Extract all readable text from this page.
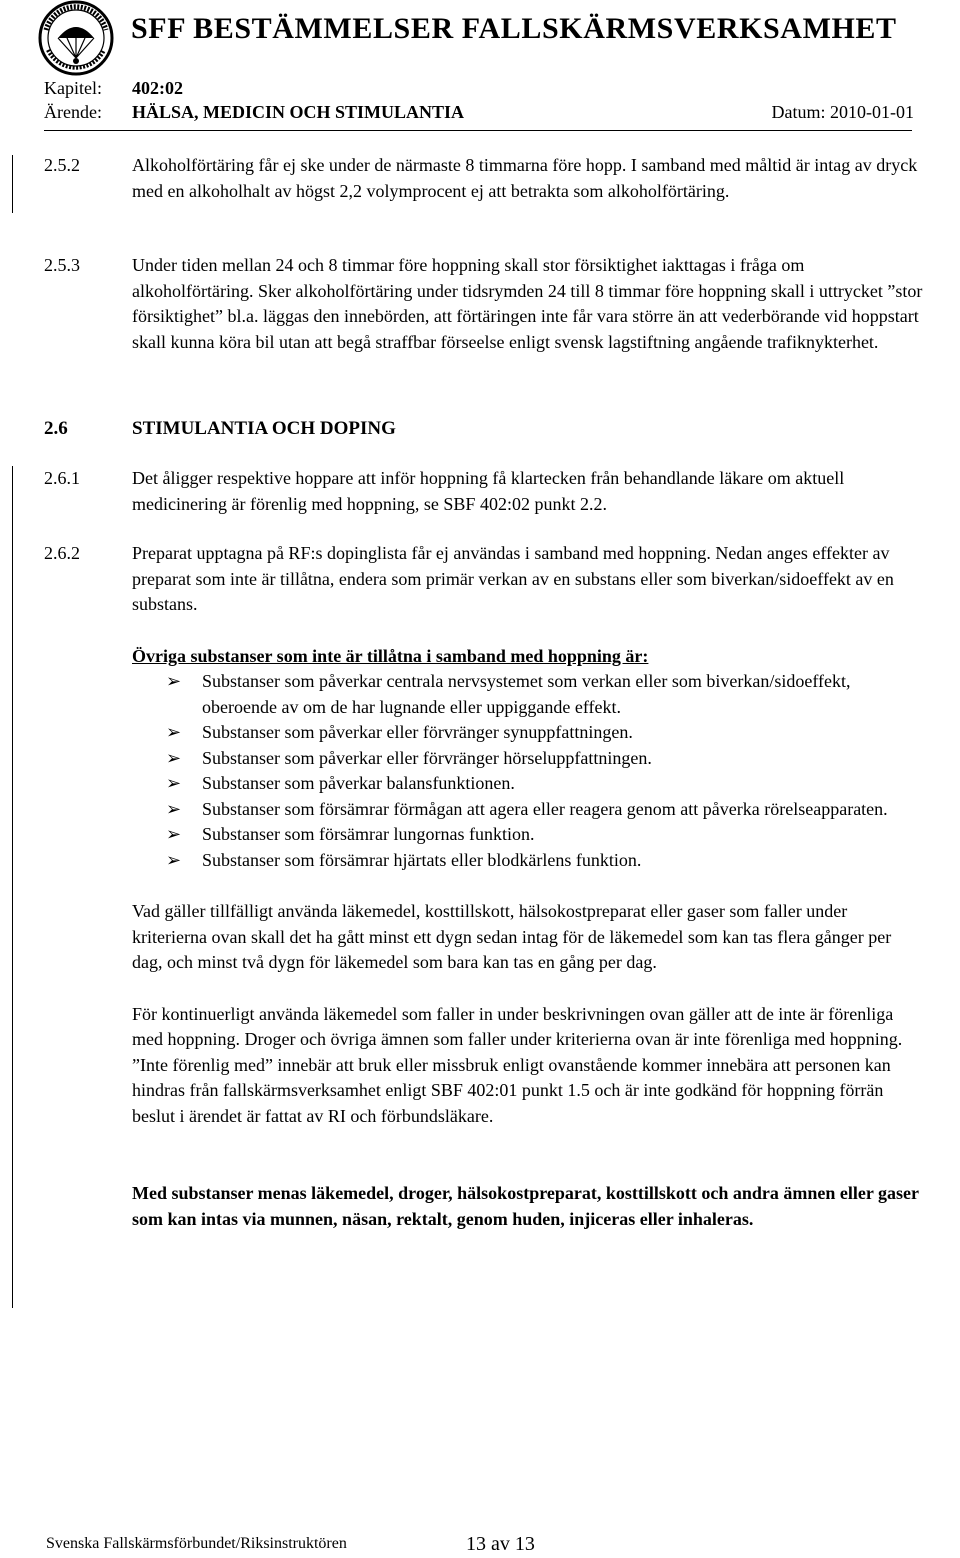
SFF BESTÄMMELSER FALLSKÄRMSVERKSAMHET
Kapitel: 402:02
Ärende: HÄLSA, MEDICIN OCH STIMULANTIA	Datum: 2010-01-01
2.5.2	Alkoholförtäring får ej ske under de närmaste 8 timmarna före hopp. I samband med måltid är intag av dryck med en alkoholhalt av högst 2,2 volymprocent ej att betrakta som alkoholförtäring.
2.5.3	Under tiden mellan 24 och 8 timmar före hoppning skall stor försiktighet iakttagas i fråga om alkoholförtäring. Sker alkoholförtäring under tidsrymden 24 till 8 timmar före hoppning skall i uttrycket ”stor försiktighet” bl.a. läggas den innebörden, att förtäringen inte får vara större än att vederbörande vid hoppstart skall kunna köra bil utan att begå straffbar förseelse enligt svensk lagstiftning angående trafiknykterhet.
2.6	STIMULANTIA OCH DOPING
2.6.1	Det åligger respektive hoppare att inför hoppning få klartecken från behandlande läkare om aktuell medicinering är förenlig med hoppning, se SBF 402:02 punkt 2.2.
2.6.2	Preparat upptagna på RF:s dopinglista får ej användas i samband med hoppning. Nedan anges effekter av preparat som inte är tillåtna, endera som primär verkan av en substans eller som biverkan/sidoeffekt av en substans.

Övriga substanser som inte är tillåtna i samband med hoppning är:
➢ Substanser som påverkar centrala nervsystemet som verkan eller som biverkan/sidoeffekt, oberoende av om de har lugnande eller uppiggande effekt.
➢ Substanser som påverkar eller förvränger synuppfattningen.
➢ Substanser som påverkar eller förvränger hörseluppfattningen.
➢ Substanser som påverkar balansfunktionen.
➢ Substanser som försämrar förmågan att agera eller reagera genom att påverka rörelseapparaten.
➢ Substanser som försämrar lungornas funktion.
➢ Substanser som försämrar hjärtats eller blodkärlens funktion.

Vad gäller tillfälligt använda läkemedel, kosttillskott, hälsokostpreparat eller gaser som faller under kriterierna ovan skall det ha gått minst ett dygn sedan intag för de läkemedel som kan tas flera gånger per dag, och minst två dygn för läkemedel som bara kan tas en gång per dag.

För kontinuerligt använda läkemedel som faller in under beskrivningen ovan gäller att de inte är förenliga med hoppning. Droger och övriga ämnen som faller under kriterierna ovan är inte förenliga med hoppning. ”Inte förenlig med” innebär att bruk eller missbruk enligt ovanstående kommer innebära att personen kan hindras från fallskärmsverksamhet enligt SBF 402:01 punkt 1.5 och är inte godkänd för hoppning förrän beslut i ärendet är fattat av RI och förbundsläkare.

Med substanser menas läkemedel, droger, hälsokostpreparat, kosttillskott och andra ämnen eller gaser som kan intas via munnen, näsan, rektalt, genom huden, injiceras eller inhaleras.

Svenska Fallskärmsförbundet/Riksinstruktören	13 av 13
